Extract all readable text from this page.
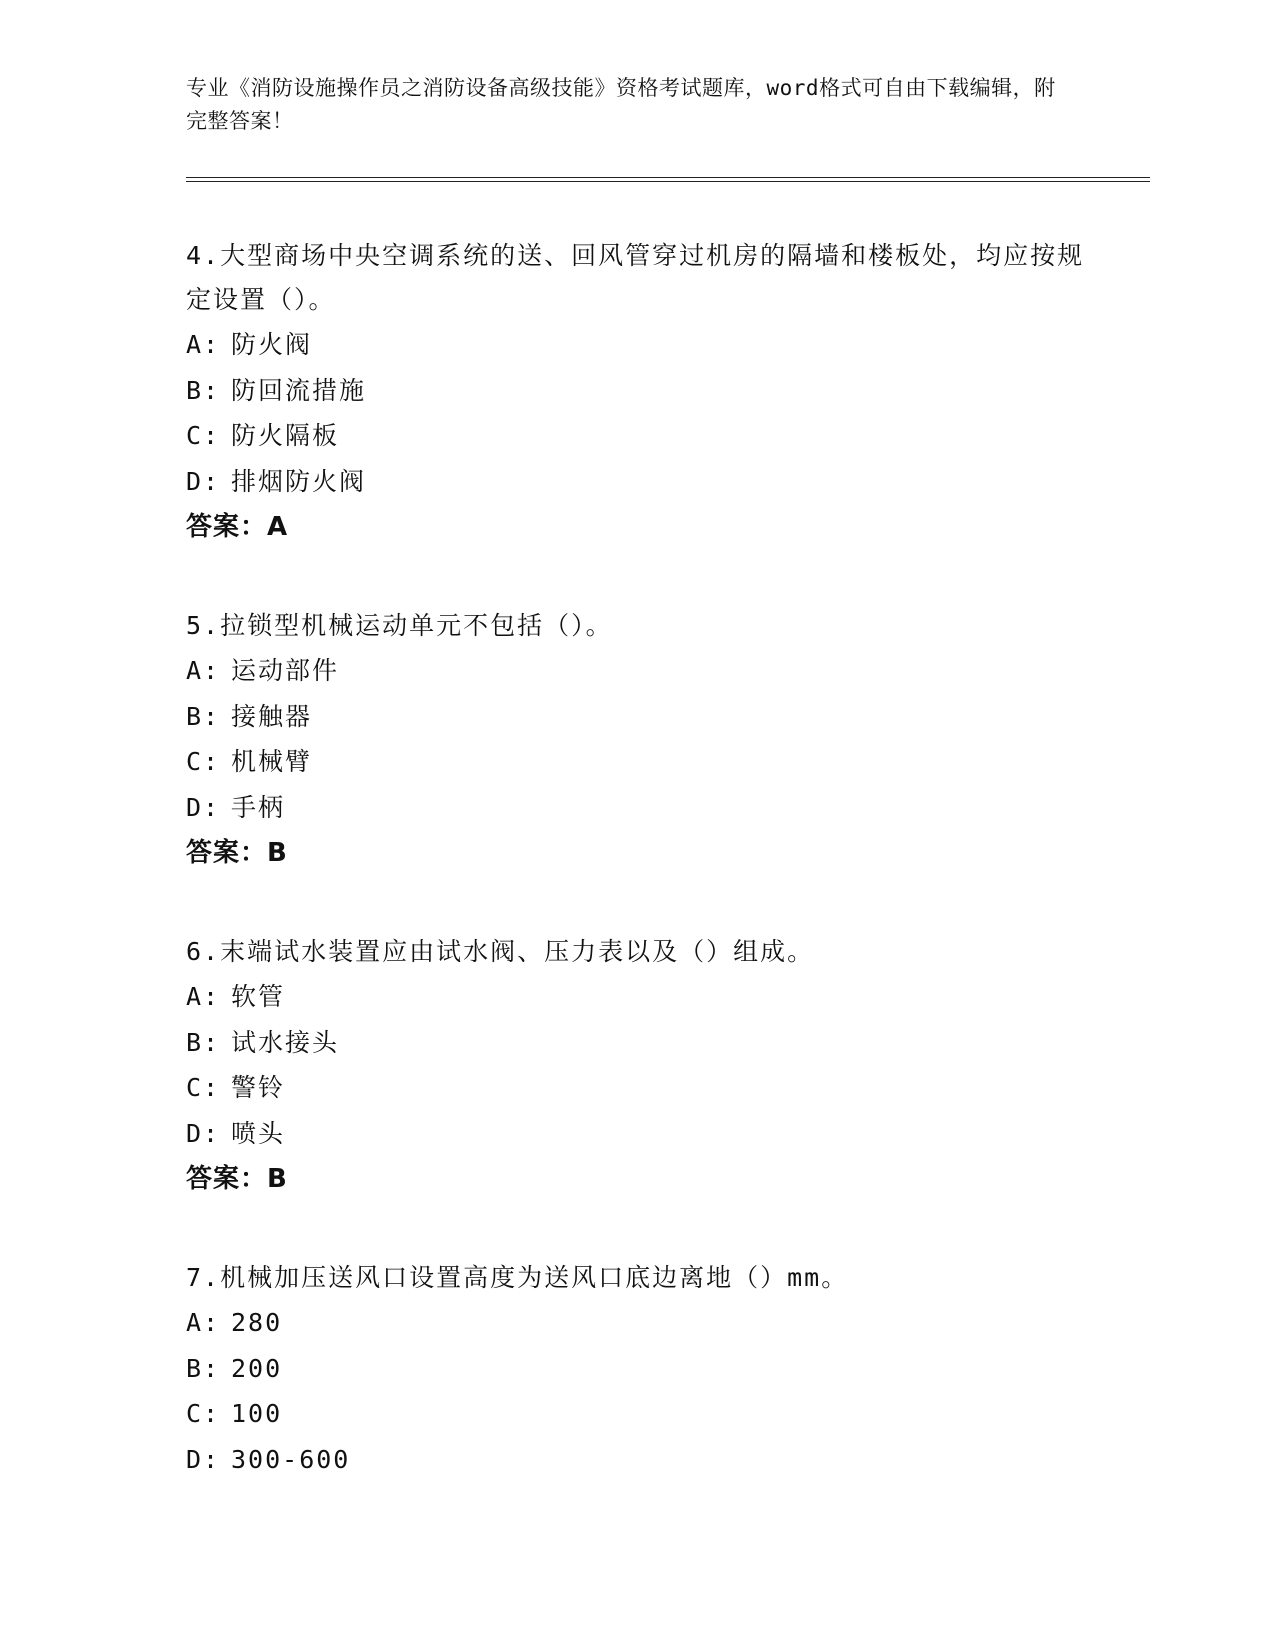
专业《消防设施操作员之消防设备高级技能》资格考试题库，word格式可自由下载编辑，附完整答案！

4.大型商场中央空调系统的送、回风管穿过机房的隔墙和楼板处，均应按规定设置（）。

A: 防火阀

B: 防回流措施

C: 防火隔板

D: 排烟防火阀

答案：A

5.拉锁型机械运动单元不包括（）。

A: 运动部件

B: 接触器

C: 机械臂

D: 手柄

答案：B

6.末端试水装置应由试水阀、压力表以及（）组成。

A: 软管

B: 试水接头

C: 警铃

D: 喷头

答案：B

7.机械加压送风口设置高度为送风口底边离地（）mm。

A: 280

B: 200

C: 100

D: 300-600
